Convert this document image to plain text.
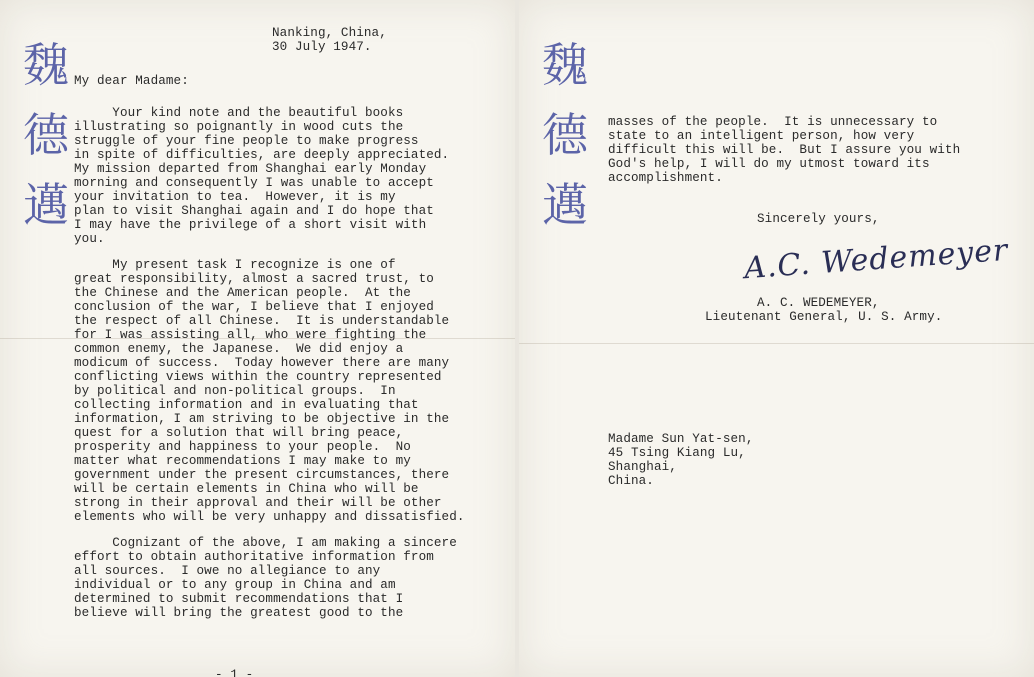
魏
德
邁
Nanking, China,
30 July 1947.
My dear Madame:
Your kind note and the beautiful books
illustrating so poignantly in wood cuts the
struggle of your fine people to make progress
in spite of difficulties, are deeply appreciated.
My mission departed from Shanghai early Monday
morning and consequently I was unable to accept
your invitation to tea.  However, it is my
plan to visit Shanghai again and I do hope that
I may have the privilege of a short visit with
you.
My present task I recognize is one of
great responsibility, almost a sacred trust, to
the Chinese and the American people.  At the
conclusion of the war, I believe that I enjoyed
the respect of all Chinese.  It is understandable
for I was assisting all, who were fighting the
common enemy, the Japanese.  We did enjoy a
modicum of success.  Today however there are many
conflicting views within the country represented
by political and non-political groups.  In
collecting information and in evaluating that
information, I am striving to be objective in the
quest for a solution that will bring peace,
prosperity and happiness to your people.  No
matter what recommendations I may make to my
government under the present circumstances, there
will be certain elements in China who will be
strong in their approval and their will be other
elements who will be very unhappy and dissatisfied.
Cognizant of the above, I am making a sincere
effort to obtain authoritative information from
all sources.  I owe no allegiance to any
individual or to any group in China and am
determined to submit recommendations that I
believe will bring the greatest good to the
- 1 -
魏
德
邁
masses of the people.  It is unnecessary to
state to an intelligent person, how very
difficult this will be.  But I assure you with
God's help, I will do my utmost toward its
accomplishment.
Sincerely yours,
A.C. Wedemeyer
A. C. WEDEMEYER,
Lieutenant General, U. S. Army.
Madame Sun Yat-sen,
45 Tsing Kiang Lu,
Shanghai,
China.
